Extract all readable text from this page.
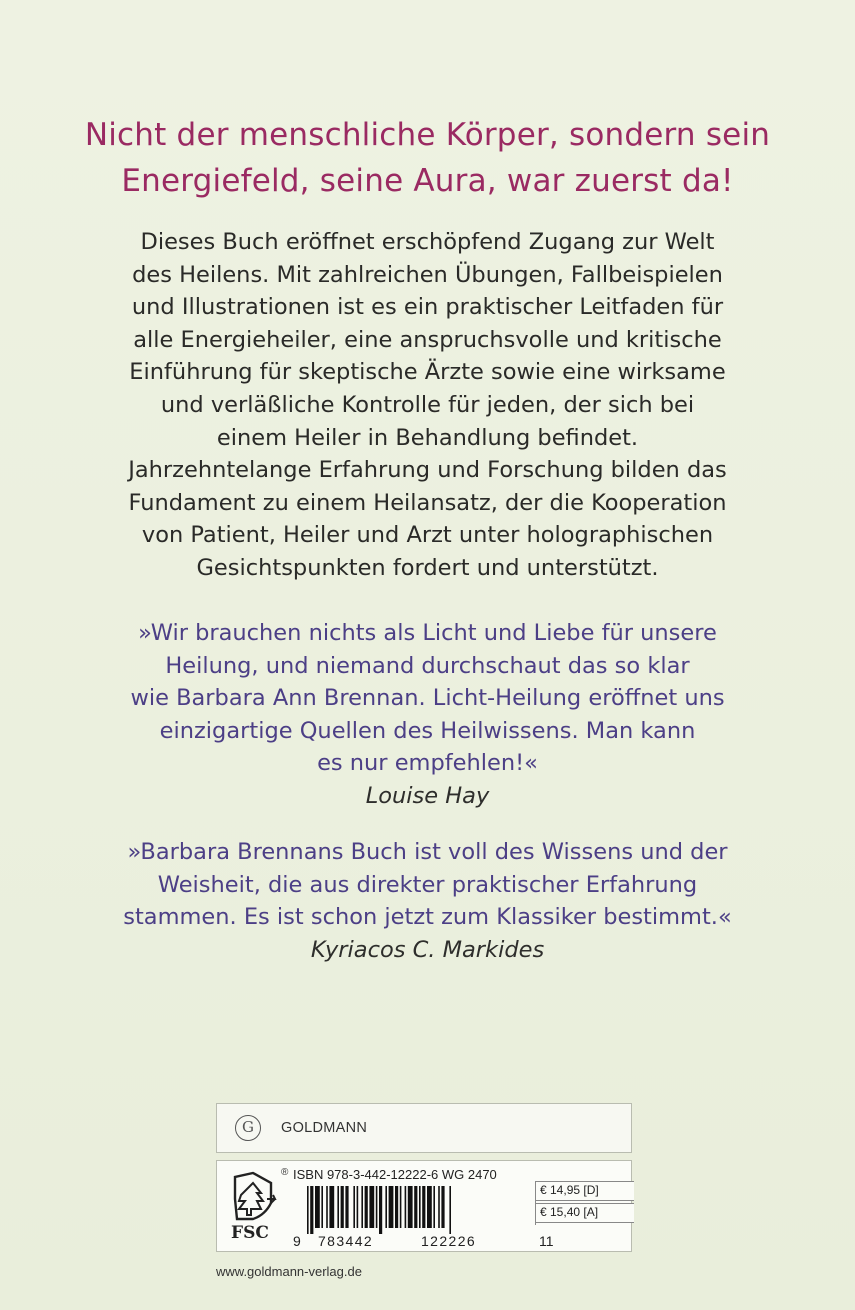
Nicht der menschliche Körper, sondern sein
Energiefeld, seine Aura, war zuerst da!
Dieses Buch eröffnet erschöpfend Zugang zur Welt
des Heilens. Mit zahlreichen Übungen, Fallbeispielen
und Illustrationen ist es ein praktischer Leitfaden für
alle Energieheiler, eine anspruchsvolle und kritische
Einführung für skeptische Ärzte sowie eine wirksame
und verläßliche Kontrolle für jeden, der sich bei
einem Heiler in Behandlung befindet.
Jahrzehntelange Erfahrung und Forschung bilden das
Fundament zu einem Heilansatz, der die Kooperation
von Patient, Heiler und Arzt unter holographischen
Gesichtspunkten fordert und unterstützt.
»Wir brauchen nichts als Licht und Liebe für unsere
Heilung, und niemand durchschaut das so klar
wie Barbara Ann Brennan. Licht-Heilung eröffnet uns
einzigartige Quellen des Heilwissens. Man kann
es nur empfehlen!«
Louise Hay
»Barbara Brennans Buch ist voll des Wissens und der
Weisheit, die aus direkter praktischer Erfahrung
stammen. Es ist schon jetzt zum Klassiker bestimmt.«
Kyriacos C. Markides
G	GOLDMANN
FSC
® ISBN 978-3-442-12222-6 WG 2470
9 783442	122226
€ 14,95 [D]
€ 15,40 [A]
11
www.goldmann-verlag.de
